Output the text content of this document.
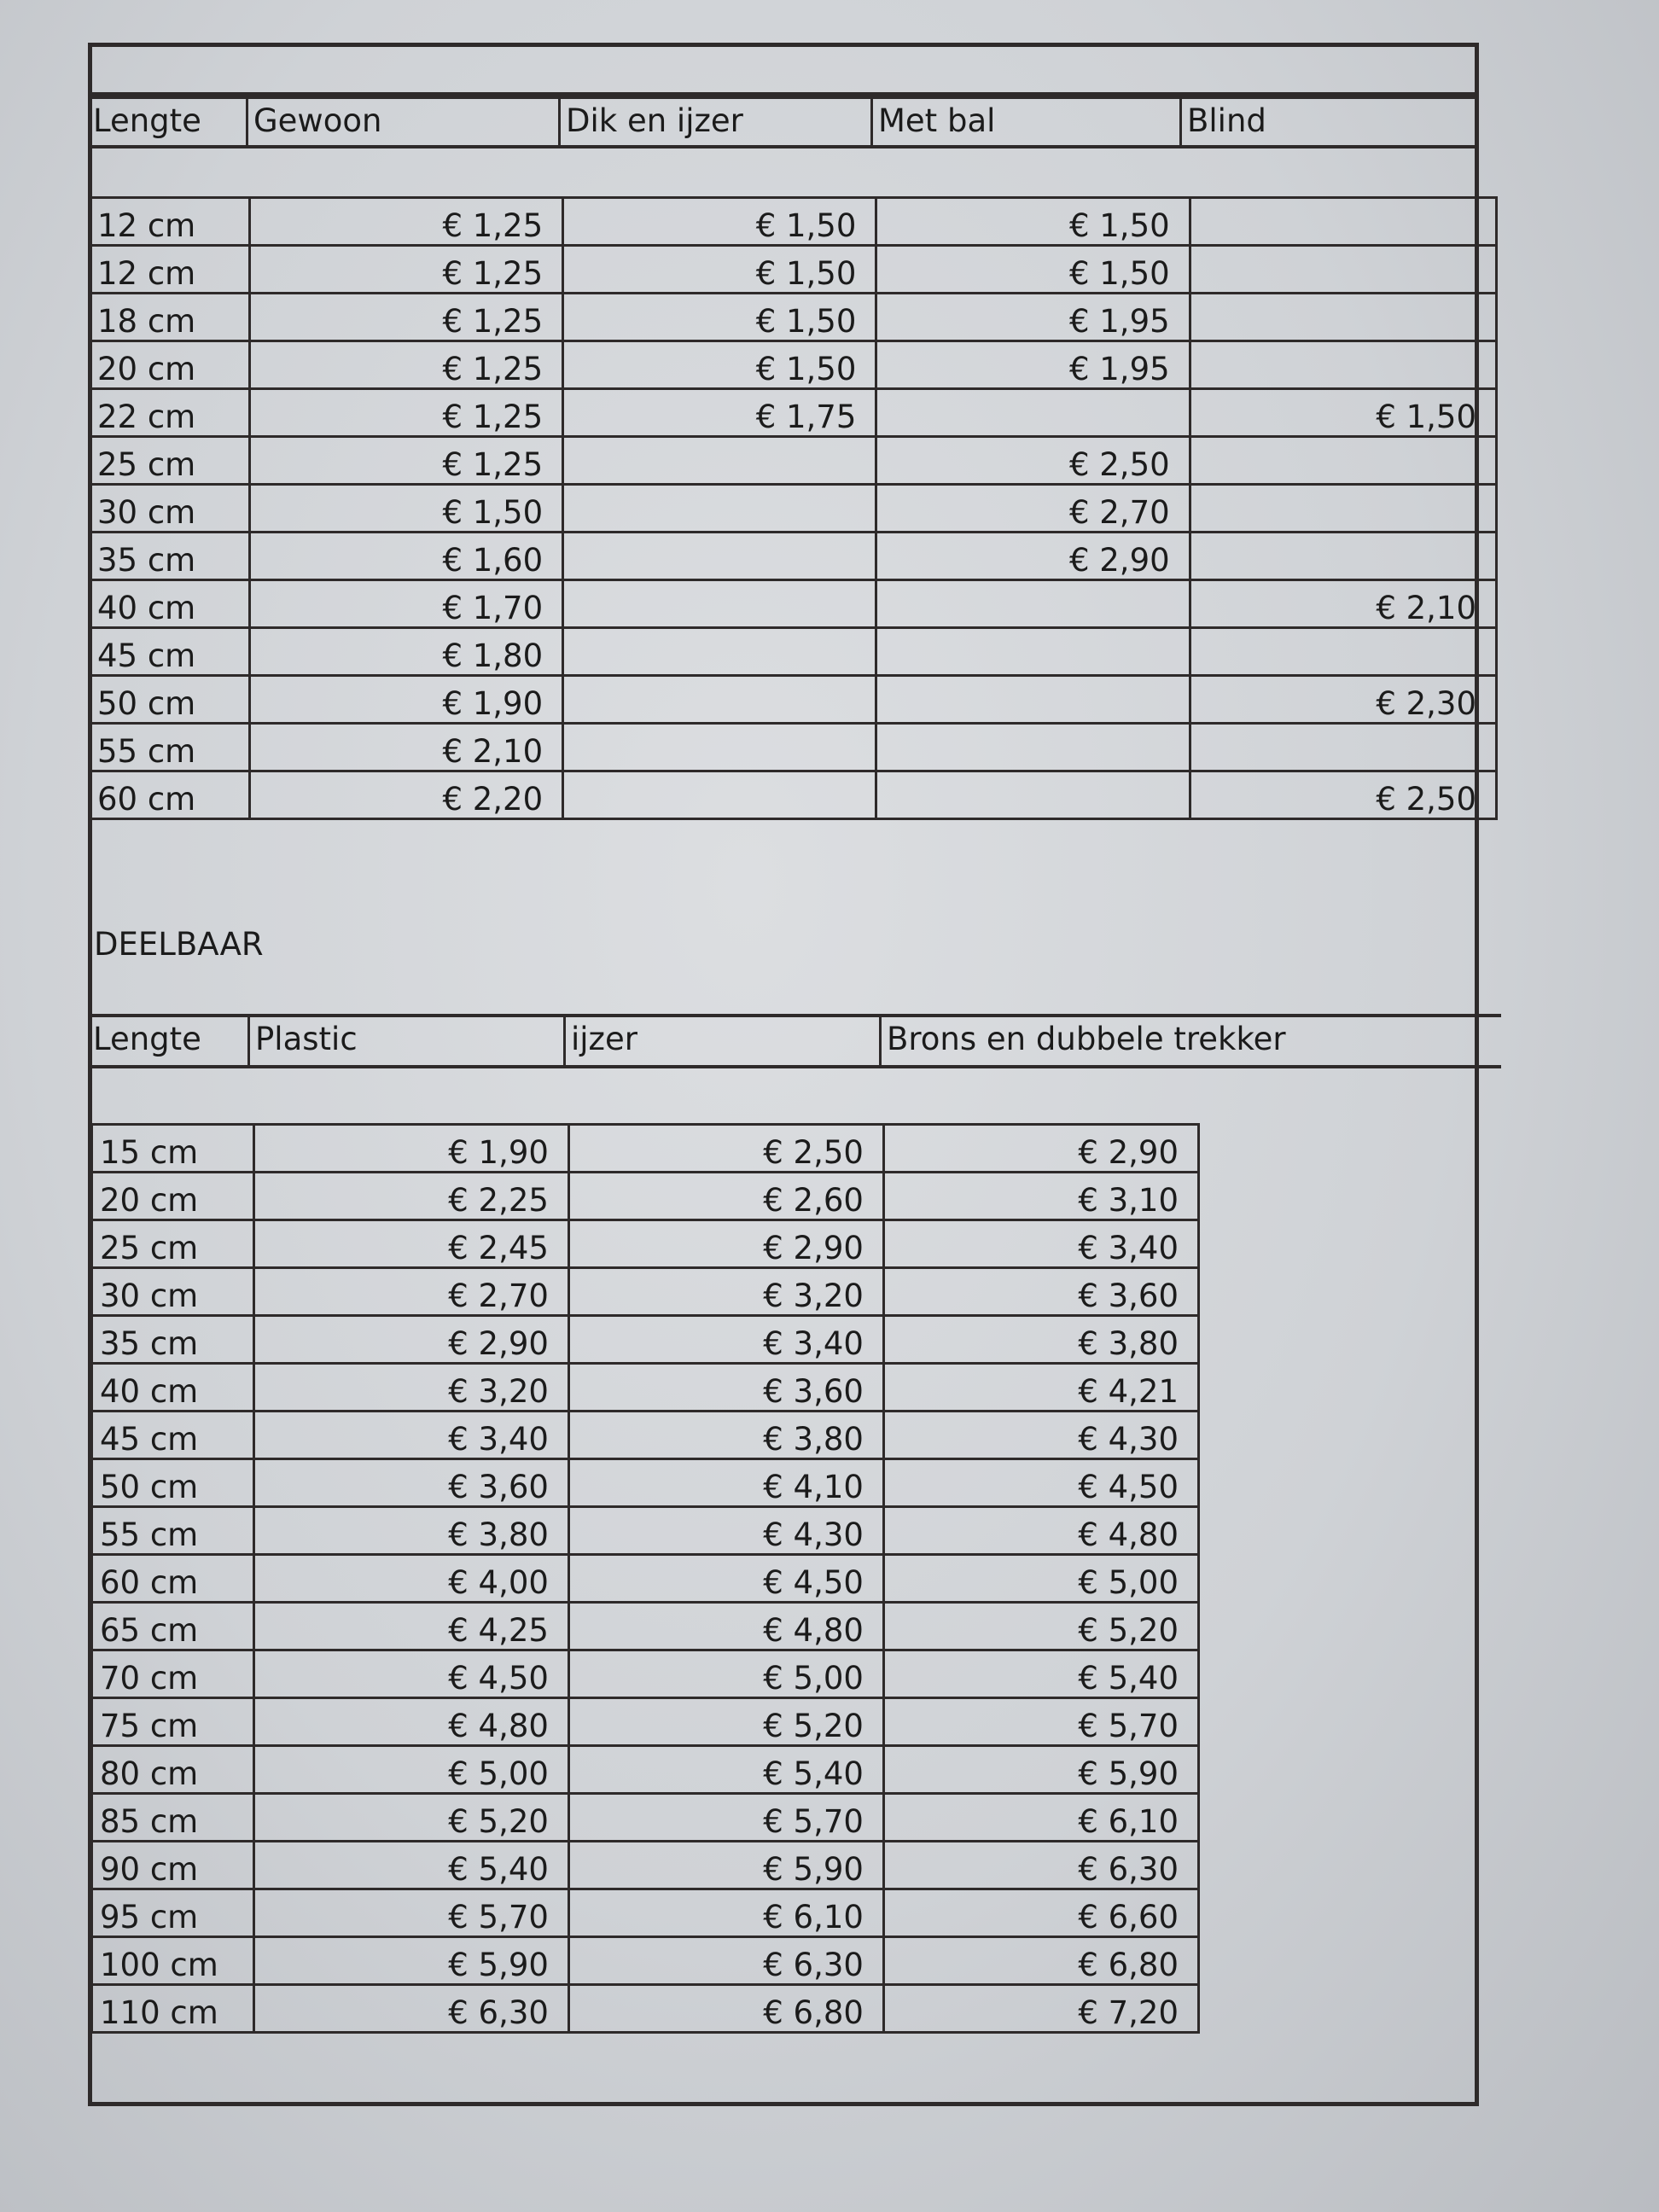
Lengte	Gewoon	Dik en ijzer	Met bal	Blind
12 cm	€ 1,25	€ 1,50	€ 1,50	
12 cm	€ 1,25	€ 1,50	€ 1,50	
18 cm	€ 1,25	€ 1,50	€ 1,95	
20 cm	€ 1,25	€ 1,50	€ 1,95	
22 cm	€ 1,25	€ 1,75		€ 1,50
25 cm	€ 1,25		€ 2,50	
30 cm	€ 1,50		€ 2,70	
35 cm	€ 1,60		€ 2,90	
40 cm	€ 1,70			€ 2,10
45 cm	€ 1,80			
50 cm	€ 1,90			€ 2,30
55 cm	€ 2,10			
60 cm	€ 2,20			€ 2,50
DEELBAAR
Lengte	Plastic	ijzer	Brons en dubbele trekker
15 cm	€ 1,90	€ 2,50	€ 2,90
20 cm	€ 2,25	€ 2,60	€ 3,10
25 cm	€ 2,45	€ 2,90	€ 3,40
30 cm	€ 2,70	€ 3,20	€ 3,60
35 cm	€ 2,90	€ 3,40	€ 3,80
40 cm	€ 3,20	€ 3,60	€ 4,21
45 cm	€ 3,40	€ 3,80	€ 4,30
50 cm	€ 3,60	€ 4,10	€ 4,50
55 cm	€ 3,80	€ 4,30	€ 4,80
60 cm	€ 4,00	€ 4,50	€ 5,00
65 cm	€ 4,25	€ 4,80	€ 5,20
70 cm	€ 4,50	€ 5,00	€ 5,40
75 cm	€ 4,80	€ 5,20	€ 5,70
80 cm	€ 5,00	€ 5,40	€ 5,90
85 cm	€ 5,20	€ 5,70	€ 6,10
90 cm	€ 5,40	€ 5,90	€ 6,30
95 cm	€ 5,70	€ 6,10	€ 6,60
100 cm	€ 5,90	€ 6,30	€ 6,80
110 cm	€ 6,30	€ 6,80	€ 7,20
